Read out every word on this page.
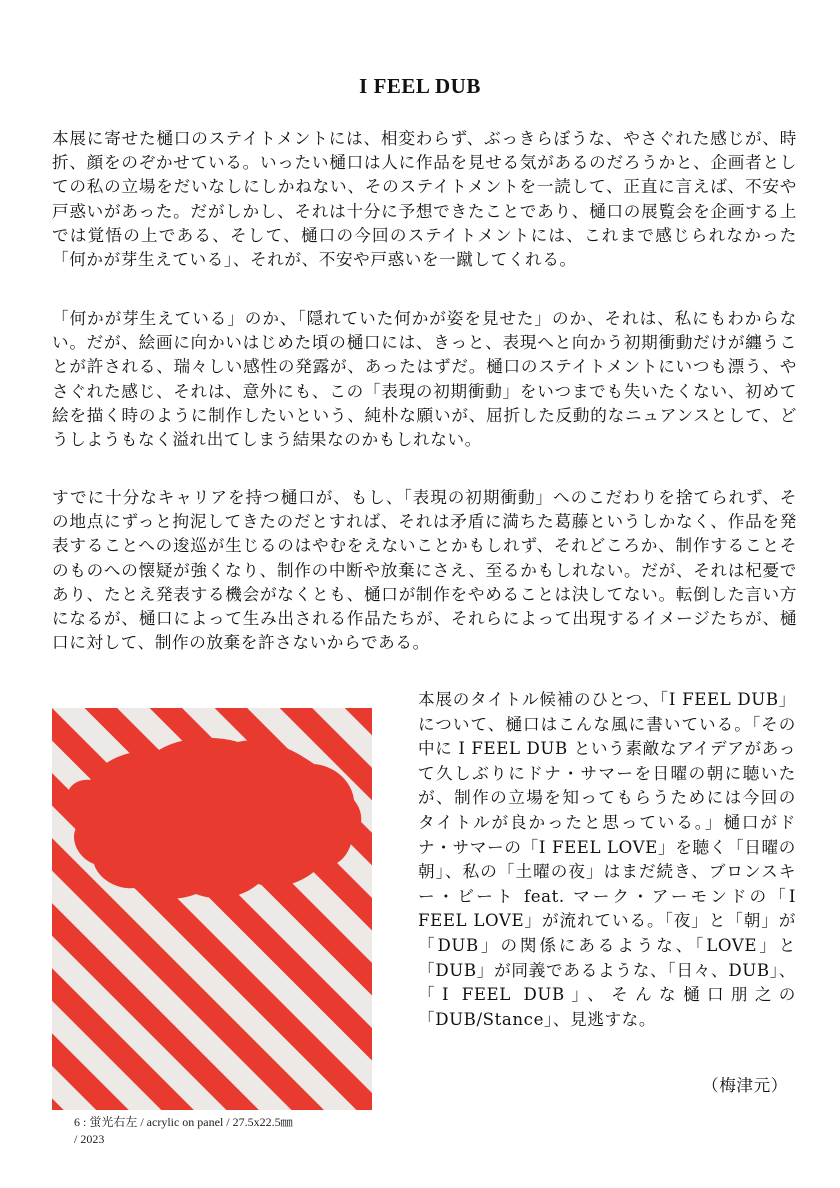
I FEEL DUB

本展に寄せた樋口のステイトメントには、相変わらず、ぶっきらぼうな、やさぐれた感じが、時折、顔をのぞかせている。いったい樋口は人に作品を見せる気があるのだろうかと、企画者としての私の立場をだいなしにしかねない、そのステイトメントを一読して、正直に言えば、不安や戸惑いがあった。だがしかし、それは十分に予想できたことであり、樋口の展覧会を企画する上では覚悟の上である、そして、樋口の今回のステイトメントには、これまで感じられなかった「何かが芽生えている」、それが、不安や戸惑いを一蹴してくれる。

「何かが芽生えている」のか、「隠れていた何かが姿を見せた」のか、それは、私にもわからない。だが、絵画に向かいはじめた頃の樋口には、きっと、表現へと向かう初期衝動だけが纏うことが許される、瑞々しい感性の発露が、あったはずだ。樋口のステイトメントにいつも漂う、やさぐれた感じ、それは、意外にも、この「表現の初期衝動」をいつまでも失いたくない、初めて絵を描く時のように制作したいという、純朴な願いが、屈折した反動的なニュアンスとして、どうしようもなく溢れ出てしまう結果なのかもしれない。

すでに十分なキャリアを持つ樋口が、もし、「表現の初期衝動」へのこだわりを捨てられず、その地点にずっと拘泥してきたのだとすれば、それは矛盾に満ちた葛藤というしかなく、作品を発表することへの逡巡が生じるのはやむをえないことかもしれず、それどころか、制作することそのものへの懐疑が強くなり、制作の中断や放棄にさえ、至るかもしれない。だが、それは杞憂であり、たとえ発表する機会がなくとも、樋口が制作をやめることは決してない。転倒した言い方になるが、樋口によって生み出される作品たちが、それらによって出現するイメージたちが、樋口に対して、制作の放棄を許さないからである。

6 : 蛍光右左 / acrylic on panel / 27.5x22.5㎜
/ 2023

本展のタイトル候補のひとつ、「I FEEL DUB」について、樋口はこんな風に書いている。「その中に I FEEL DUB という素敵なアイデアがあって久しぶりにドナ・サマーを日曜の朝に聴いたが、制作の立場を知ってもらうためには今回のタイトルが良かったと思っている。」樋口がドナ・サマーの「I FEEL LOVE」を聴く「日曜の朝」、私の「土曜の夜」はまだ続き、ブロンスキー・ビート feat. マーク・アーモンドの「I FEEL LOVE」が流れている。「夜」と「朝」が「DUB」の関係にあるような、「LOVE」と「DUB」が同義であるような、「日々、DUB」、「I FEEL DUB」、そんな樋口朋之の「DUB/Stance」、見逃すな。

（梅津元）
